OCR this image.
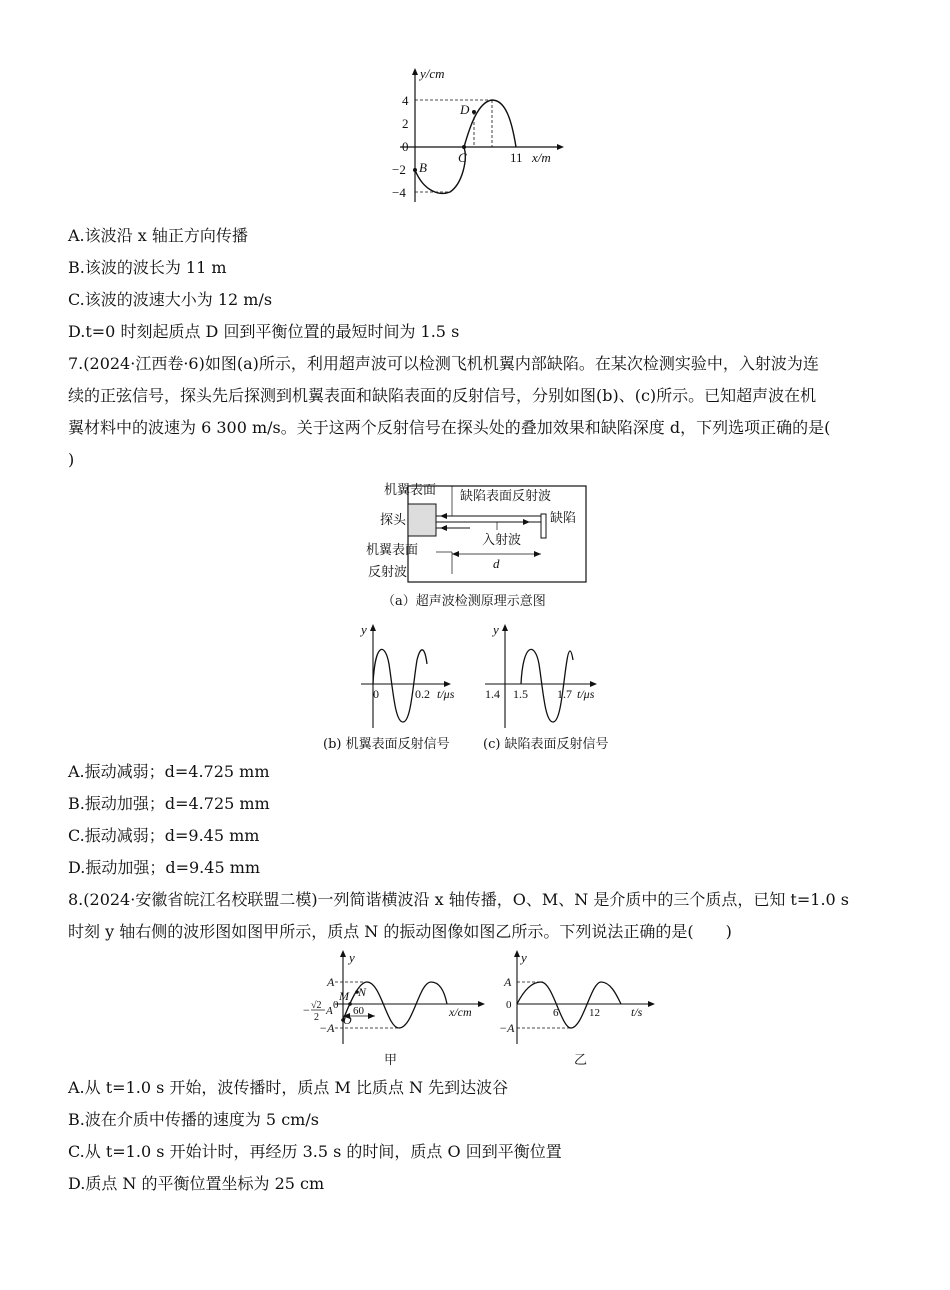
y/cm
x/m
4
2
0
−2
−4
11
B
C
D
A.该波沿 x 轴正方向传播
B.该波的波长为 11 m
C.该波的波速大小为 12 m/s
D.t=0 时刻起质点 D 回到平衡位置的最短时间为 1.5 s
7.(2024·江西卷·6)如图(a)所示，利用超声波可以检测飞机机翼内部缺陷。在某次检测实验中，入射波为连
续的正弦信号，探头先后探测到机翼表面和缺陷表面的反射信号，分别如图(b)、(c)所示。已知超声波在机
翼材料中的波速为 6 300 m/s。关于这两个反射信号在探头处的叠加效果和缺陷深度 d，下列选项正确的是(
)
机翼表面 缺陷表面反射波
探头	缺陷
入射波
d
机翼表面
反射波
（a）超声波检测原理示意图
y
0	0.2 t/μs
(b) 机翼表面反射信号
y
1.4 1.5 1.7 t/μs
(c) 缺陷表面反射信号
A.振动减弱；d=4.725 mm
B.振动加强；d=4.725 mm
C.振动减弱；d=9.45 mm
D.振动加强；d=9.45 mm
8.(2024·安徽省皖江名校联盟二模)一列简谐横波沿 x 轴传播，O、M、N 是介质中的三个质点，已知 t=1.0 s
时刻 y 轴右侧的波形图如图甲所示，质点 N 的振动图像如图乙所示。下列说法正确的是(　　)
y
A
−A
− √2
2
A
M N
0
O
60	x/cm
甲
y
A
0
−A
6	12	t/s
乙
A.从 t=1.0 s 开始，波传播时，质点 M 比质点 N 先到达波谷
B.波在介质中传播的速度为 5 cm/s
C.从 t=1.0 s 开始计时，再经历 3.5 s 的时间，质点 O 回到平衡位置
D.质点 N 的平衡位置坐标为 25 cm
